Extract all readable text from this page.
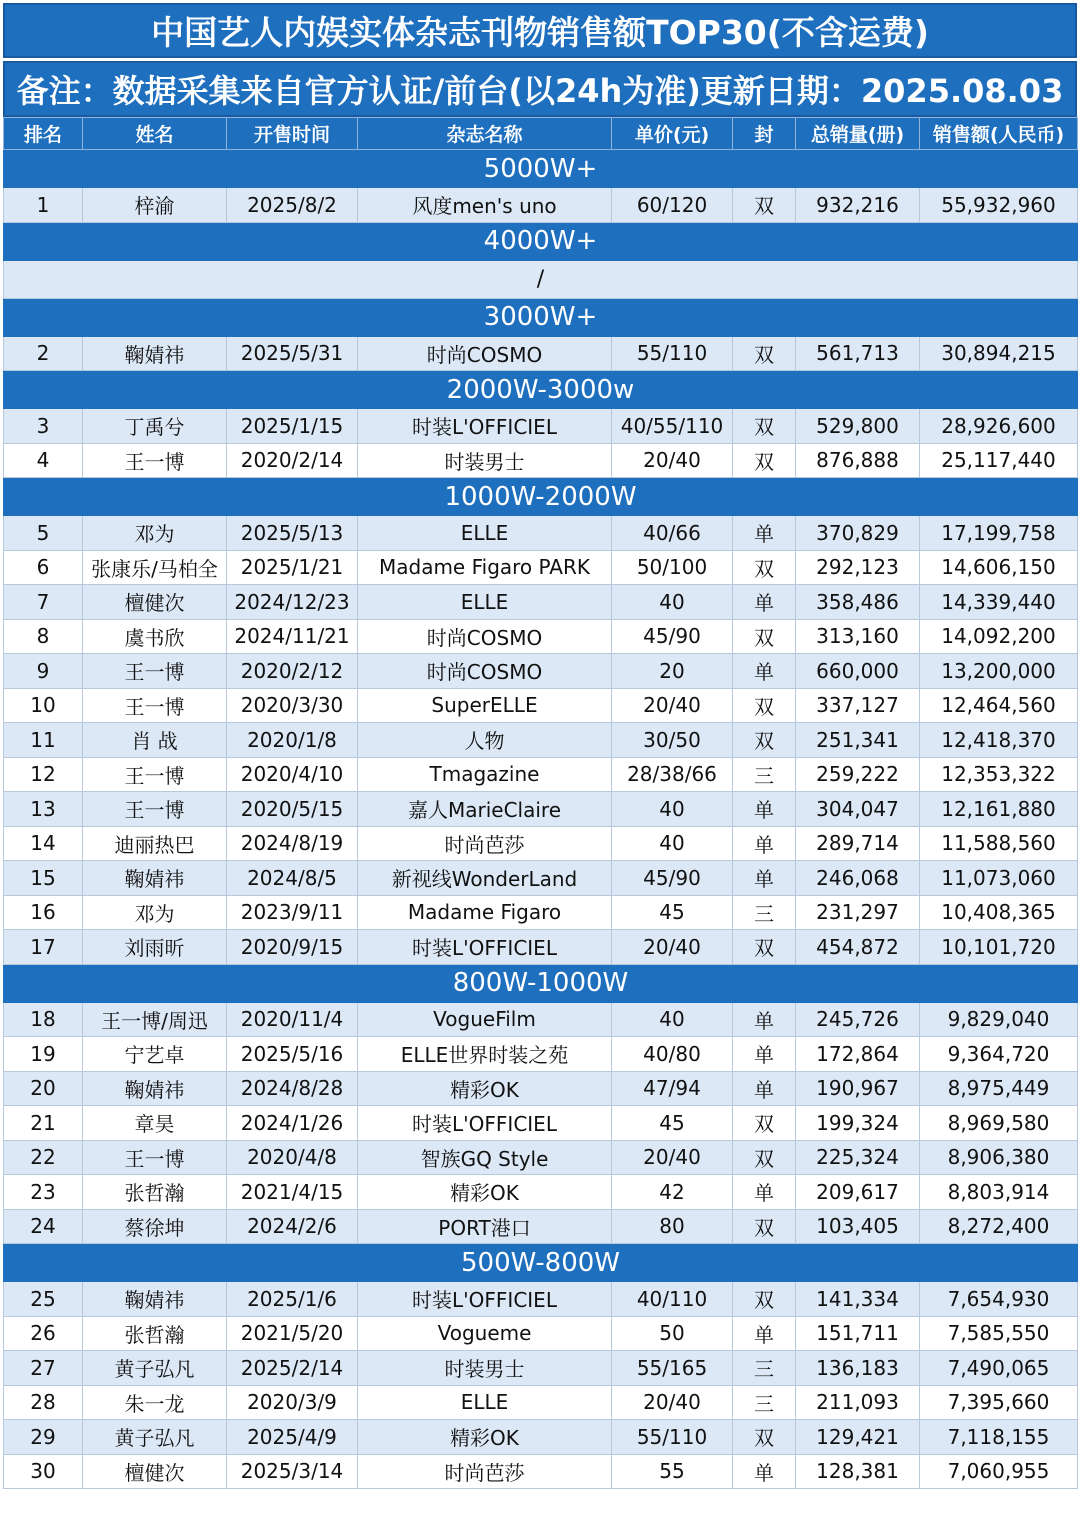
中国艺人内娱实体杂志刊物销售额TOP30(不含运费)
备注：数据采集来自官方认证/前台(以24h为准)更新日期：2025.08.03
排名	姓名	开售时间	杂志名称	单价(元)	封	总销量(册)	销售额(人民币)
5000W+							
1	梓渝	2025/8/2	风度men's uno	60/120	双	932,216	55,932,960
4000W+							
/							
3000W+							
2	鞠婧祎	2025/5/31	时尚COSMO	55/110	双	561,713	30,894,215
2000W-3000w							
3	丁禹兮	2025/1/15	时装L'OFFICIEL	40/55/110	双	529,800	28,926,600
4	王一博	2020/2/14	时装男士	20/40	双	876,888	25,117,440
1000W-2000W							
5	邓为	2025/5/13	ELLE	40/66	单	370,829	17,199,758
6	张康乐/马柏全	2025/1/21	Madame Figaro PARK	50/100	双	292,123	14,606,150
7	檀健次	2024/12/23	ELLE	40	单	358,486	14,339,440
8	虞书欣	2024/11/21	时尚COSMO	45/90	双	313,160	14,092,200
9	王一博	2020/2/12	时尚COSMO	20	单	660,000	13,200,000
10	王一博	2020/3/30	SuperELLE	20/40	双	337,127	12,464,560
11	肖 战	2020/1/8	人物	30/50	双	251,341	12,418,370
12	王一博	2020/4/10	Tmagazine	28/38/66	三	259,222	12,353,322
13	王一博	2020/5/15	嘉人MarieClaire	40	单	304,047	12,161,880
14	迪丽热巴	2024/8/19	时尚芭莎	40	单	289,714	11,588,560
15	鞠婧祎	2024/8/5	新视线WonderLand	45/90	单	246,068	11,073,060
16	邓为	2023/9/11	Madame Figaro	45	三	231,297	10,408,365
17	刘雨昕	2020/9/15	时装L'OFFICIEL	20/40	双	454,872	10,101,720
800W-1000W							
18	王一博/周迅	2020/11/4	VogueFilm	40	单	245,726	9,829,040
19	宁艺卓	2025/5/16	ELLE世界时装之苑	40/80	单	172,864	9,364,720
20	鞠婧祎	2024/8/28	精彩OK	47/94	单	190,967	8,975,449
21	章昊	2024/1/26	时装L'OFFICIEL	45	双	199,324	8,969,580
22	王一博	2020/4/8	智族GQ Style	20/40	双	225,324	8,906,380
23	张哲瀚	2021/4/15	精彩OK	42	单	209,617	8,803,914
24	蔡徐坤	2024/2/6	PORT港口	80	双	103,405	8,272,400
500W-800W							
25	鞠婧祎	2025/1/6	时装L'OFFICIEL	40/110	双	141,334	7,654,930
26	张哲瀚	2021/5/20	Vogueme	50	单	151,711	7,585,550
27	黄子弘凡	2025/2/14	时装男士	55/165	三	136,183	7,490,065
28	朱一龙	2020/3/9	ELLE	20/40	三	211,093	7,395,660
29	黄子弘凡	2025/4/9	精彩OK	55/110	双	129,421	7,118,155
30	檀健次	2025/3/14	时尚芭莎	55	单	128,381	7,060,955
